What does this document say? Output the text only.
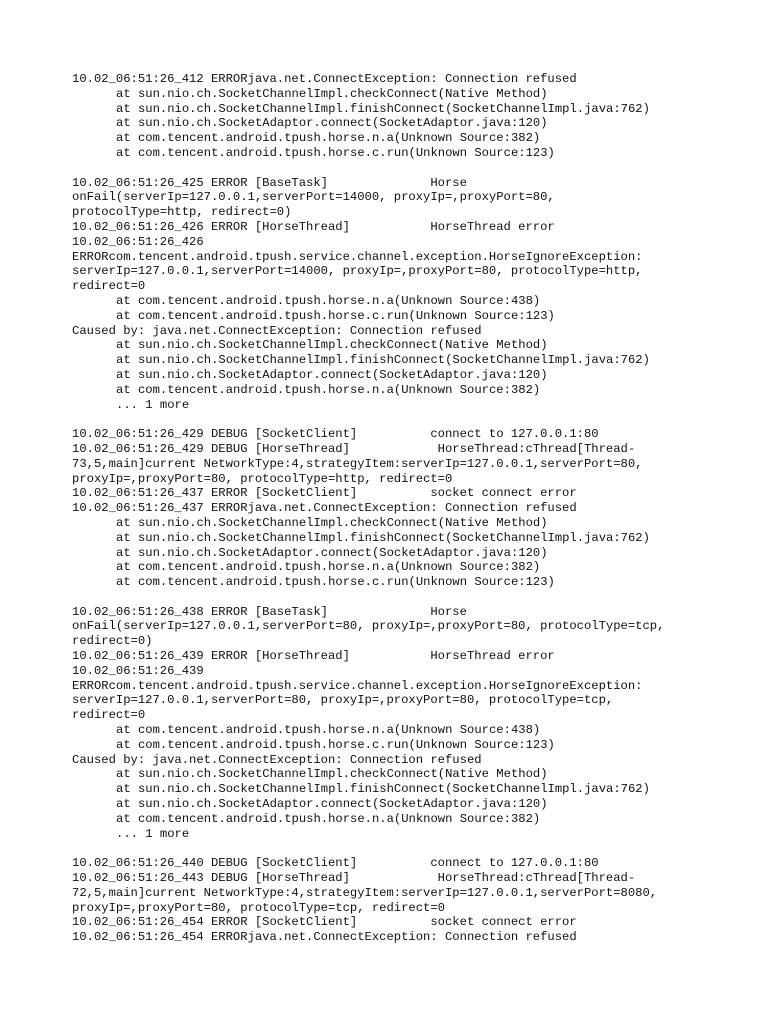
10.02_06:51:26_412 ERRORjava.net.ConnectException: Connection refused
at sun.nio.ch.SocketChannelImpl.checkConnect(Native Method)
at sun.nio.ch.SocketChannelImpl.finishConnect(SocketChannelImpl.java:762)
at sun.nio.ch.SocketAdaptor.connect(SocketAdaptor.java:120)
at com.tencent.android.tpush.horse.n.a(Unknown Source:382)
at com.tencent.android.tpush.horse.c.run(Unknown Source:123)
10.02_06:51:26_425 ERROR [BaseTask]              Horse
onFail(serverIp=127.0.0.1,serverPort=14000, proxyIp=,proxyPort=80,
protocolType=http, redirect=0)
10.02_06:51:26_426 ERROR [HorseThread]           HorseThread error
10.02_06:51:26_426
ERRORcom.tencent.android.tpush.service.channel.exception.HorseIgnoreException:
serverIp=127.0.0.1,serverPort=14000, proxyIp=,proxyPort=80, protocolType=http,
redirect=0
at com.tencent.android.tpush.horse.n.a(Unknown Source:438)
at com.tencent.android.tpush.horse.c.run(Unknown Source:123)
Caused by: java.net.ConnectException: Connection refused
at sun.nio.ch.SocketChannelImpl.checkConnect(Native Method)
at sun.nio.ch.SocketChannelImpl.finishConnect(SocketChannelImpl.java:762)
at sun.nio.ch.SocketAdaptor.connect(SocketAdaptor.java:120)
at com.tencent.android.tpush.horse.n.a(Unknown Source:382)
... 1 more
10.02_06:51:26_429 DEBUG [SocketClient]          connect to 127.0.0.1:80
10.02_06:51:26_429 DEBUG [HorseThread]            HorseThread:cThread[Thread-
73,5,main]current NetworkType:4,strategyItem:serverIp=127.0.0.1,serverPort=80,
proxyIp=,proxyPort=80, protocolType=http, redirect=0
10.02_06:51:26_437 ERROR [SocketClient]          socket connect error
10.02_06:51:26_437 ERRORjava.net.ConnectException: Connection refused
at sun.nio.ch.SocketChannelImpl.checkConnect(Native Method)
at sun.nio.ch.SocketChannelImpl.finishConnect(SocketChannelImpl.java:762)
at sun.nio.ch.SocketAdaptor.connect(SocketAdaptor.java:120)
at com.tencent.android.tpush.horse.n.a(Unknown Source:382)
at com.tencent.android.tpush.horse.c.run(Unknown Source:123)
10.02_06:51:26_438 ERROR [BaseTask]              Horse
onFail(serverIp=127.0.0.1,serverPort=80, proxyIp=,proxyPort=80, protocolType=tcp,
redirect=0)
10.02_06:51:26_439 ERROR [HorseThread]           HorseThread error
10.02_06:51:26_439
ERRORcom.tencent.android.tpush.service.channel.exception.HorseIgnoreException:
serverIp=127.0.0.1,serverPort=80, proxyIp=,proxyPort=80, protocolType=tcp,
redirect=0
at com.tencent.android.tpush.horse.n.a(Unknown Source:438)
at com.tencent.android.tpush.horse.c.run(Unknown Source:123)
Caused by: java.net.ConnectException: Connection refused
at sun.nio.ch.SocketChannelImpl.checkConnect(Native Method)
at sun.nio.ch.SocketChannelImpl.finishConnect(SocketChannelImpl.java:762)
at sun.nio.ch.SocketAdaptor.connect(SocketAdaptor.java:120)
at com.tencent.android.tpush.horse.n.a(Unknown Source:382)
... 1 more
10.02_06:51:26_440 DEBUG [SocketClient]          connect to 127.0.0.1:80
10.02_06:51:26_443 DEBUG [HorseThread]            HorseThread:cThread[Thread-
72,5,main]current NetworkType:4,strategyItem:serverIp=127.0.0.1,serverPort=8080,
proxyIp=,proxyPort=80, protocolType=tcp, redirect=0
10.02_06:51:26_454 ERROR [SocketClient]          socket connect error
10.02_06:51:26_454 ERRORjava.net.ConnectException: Connection refused
